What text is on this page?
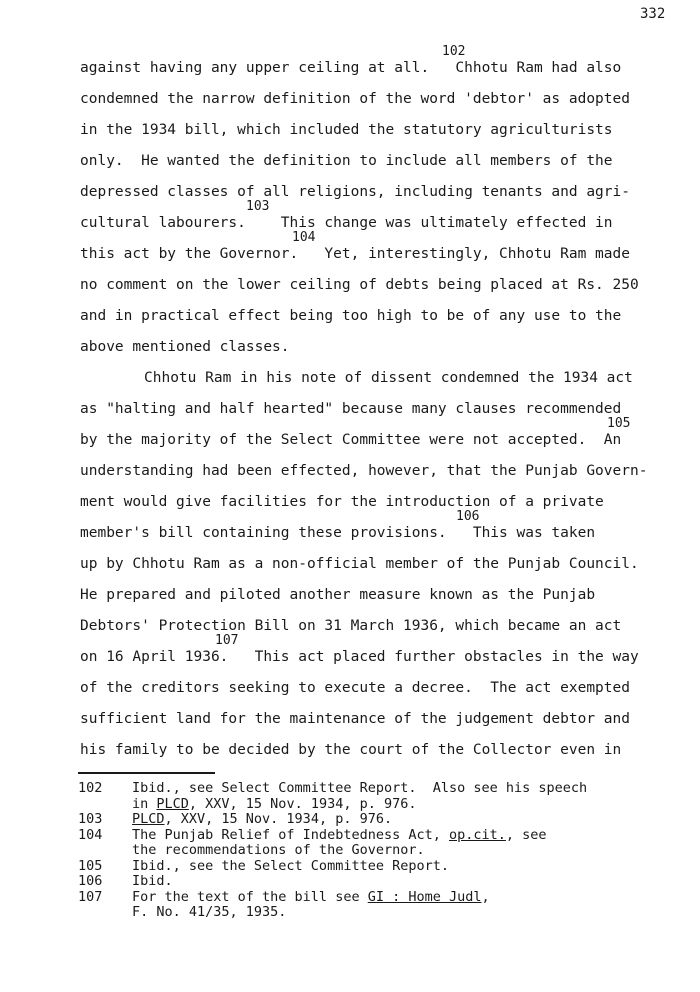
332
102
against having any upper ceiling at all.   Chhotu Ram had also
condemned the narrow definition of the word 'debtor' as adopted
in the 1934 bill, which included the statutory agriculturists
only.  He wanted the definition to include all members of the
depressed classes of all religions, including tenants and agri-
103
cultural labourers.    This change was ultimately effected in
104
this act by the Governor.   Yet, interestingly, Chhotu Ram made
no comment on the lower ceiling of debts being placed at Rs. 250
and in practical effect being too high to be of any use to the
above mentioned classes.
Chhotu Ram in his note of dissent condemned the 1934 act
as "halting and half hearted" because many clauses recommended
105
by the majority of the Select Committee were not accepted.  An
understanding had been effected, however, that the Punjab Govern-
ment would give facilities for the introduction of a private
106
member's bill containing these provisions.   This was taken
up by Chhotu Ram as a non-official member of the Punjab Council.
He prepared and piloted another measure known as the Punjab
Debtors' Protection Bill on 31 March 1936, which became an act
107
on 16 April 1936.   This act placed further obstacles in the way
of the creditors seeking to execute a decree.  The act exempted
sufficient land for the maintenance of the judgement debtor and
his family to be decided by the court of the Collector even in
102	Ibid., see Select Committee Report.  Also see his speech
in PLCD, XXV, 15 Nov. 1934, p. 976.
103	PLCD, XXV, 15 Nov. 1934, p. 976.
104	The Punjab Relief of Indebtedness Act, op.cit., see
the recommendations of the Governor.
105	Ibid., see the Select Committee Report.
106	Ibid.
107	For the text of the bill see GI : Home Judl,
F. No. 41/35, 1935.
